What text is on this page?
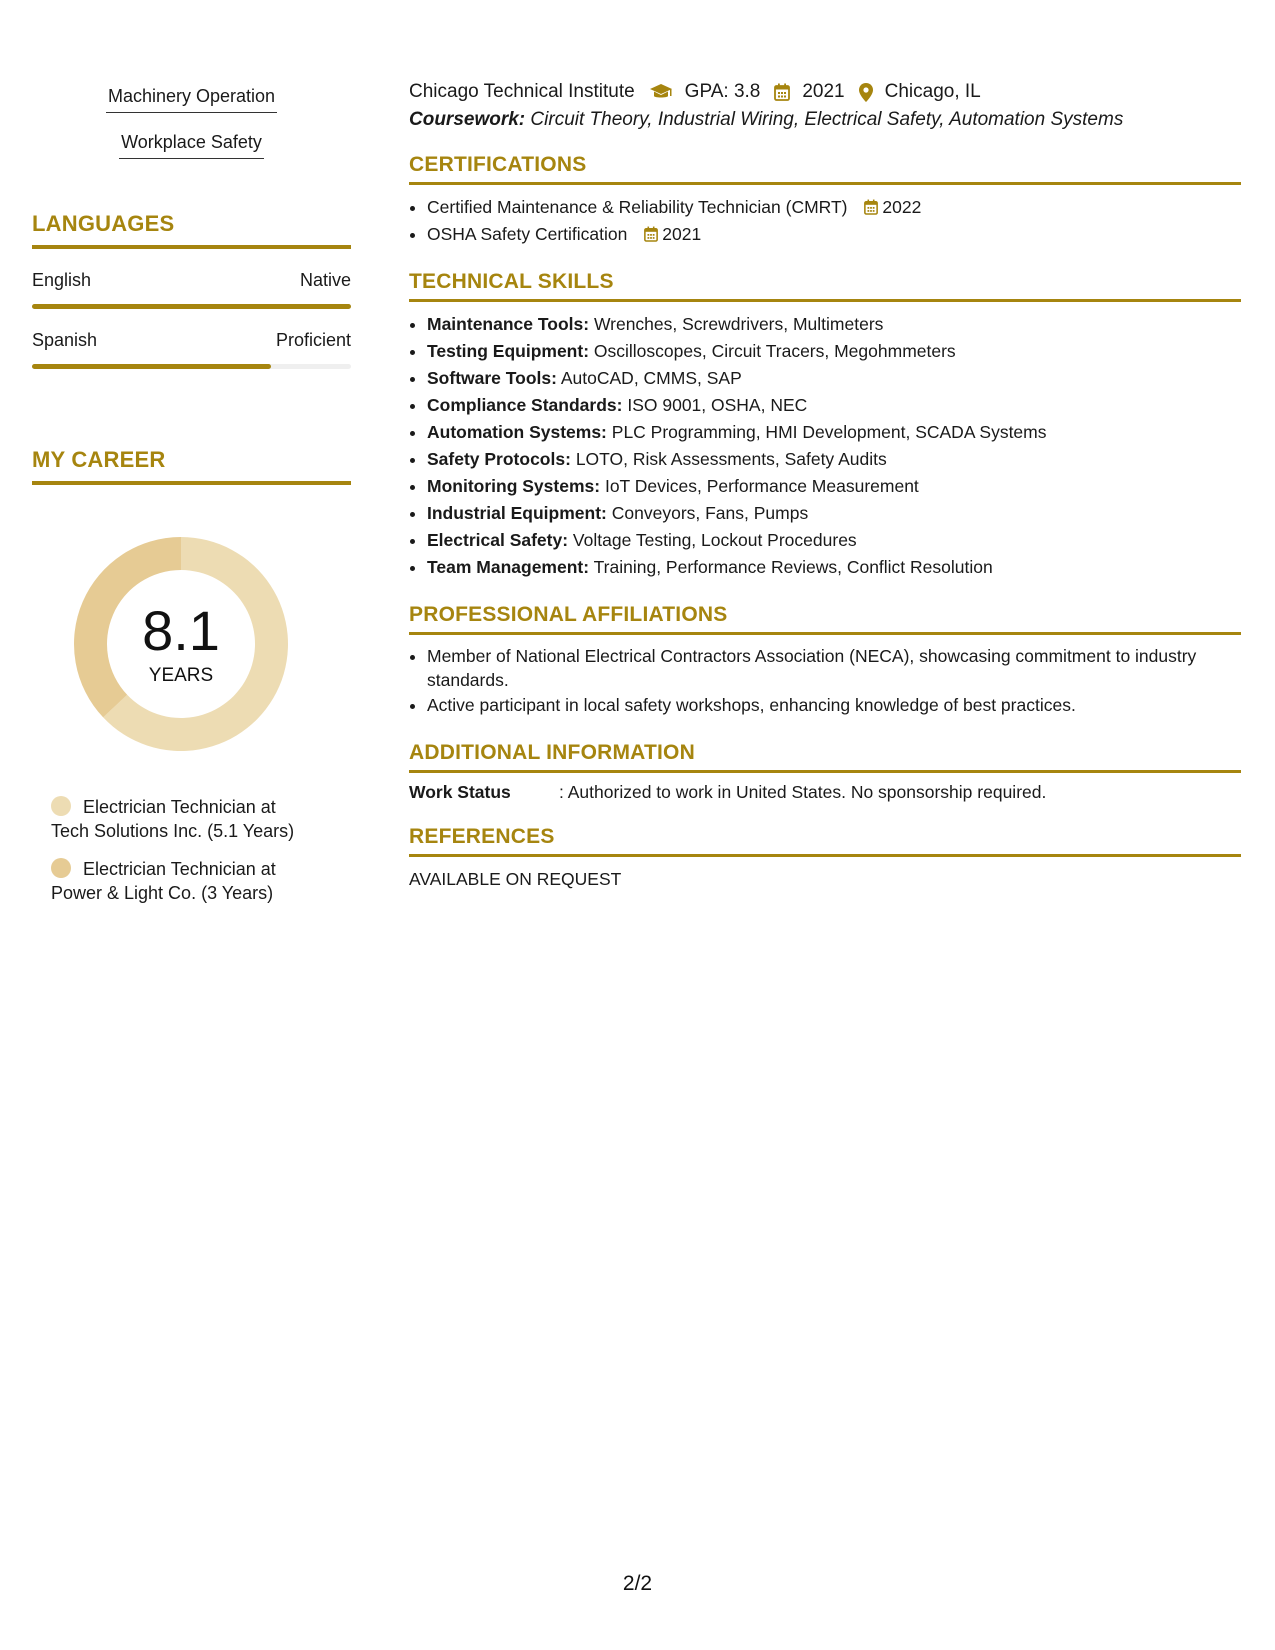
Machinery Operation
Workplace Safety
LANGUAGES
English	Native
Spanish	Proficient
MY CAREER
8.1
YEARS
Electrician Technician at
Tech Solutions Inc. (5.1 Years)
Electrician Technician at
Power & Light Co. (3 Years)
Chicago Technical Institute	GPA: 3.8 2021 Chicago, IL
Coursework: Circuit Theory, Industrial Wiring, Electrical Safety, Automation Systems
CERTIFICATIONS
• Certified Maintenance & Reliability Technician (CMRT) 2022
• OSHA Safety Certification 2021
TECHNICAL SKILLS
• Maintenance Tools: Wrenches, Screwdrivers, Multimeters
• Testing Equipment: Oscilloscopes, Circuit Tracers, Megohmmeters
• Software Tools: AutoCAD, CMMS, SAP
• Compliance Standards: ISO 9001, OSHA, NEC
• Automation Systems: PLC Programming, HMI Development, SCADA Systems
• Safety Protocols: LOTO, Risk Assessments, Safety Audits
• Monitoring Systems: IoT Devices, Performance Measurement
• Industrial Equipment: Conveyors, Fans, Pumps
• Electrical Safety: Voltage Testing, Lockout Procedures
• Team Management: Training, Performance Reviews, Conflict Resolution
PROFESSIONAL AFFILIATIONS
• Member of National Electrical Contractors Association (NECA), showcasing commitment to industry standards.
• Active participant in local safety workshops, enhancing knowledge of best practices.
ADDITIONAL INFORMATION
Work Status	: Authorized to work in United States. No sponsorship required.
REFERENCES
AVAILABLE ON REQUEST
2/2
